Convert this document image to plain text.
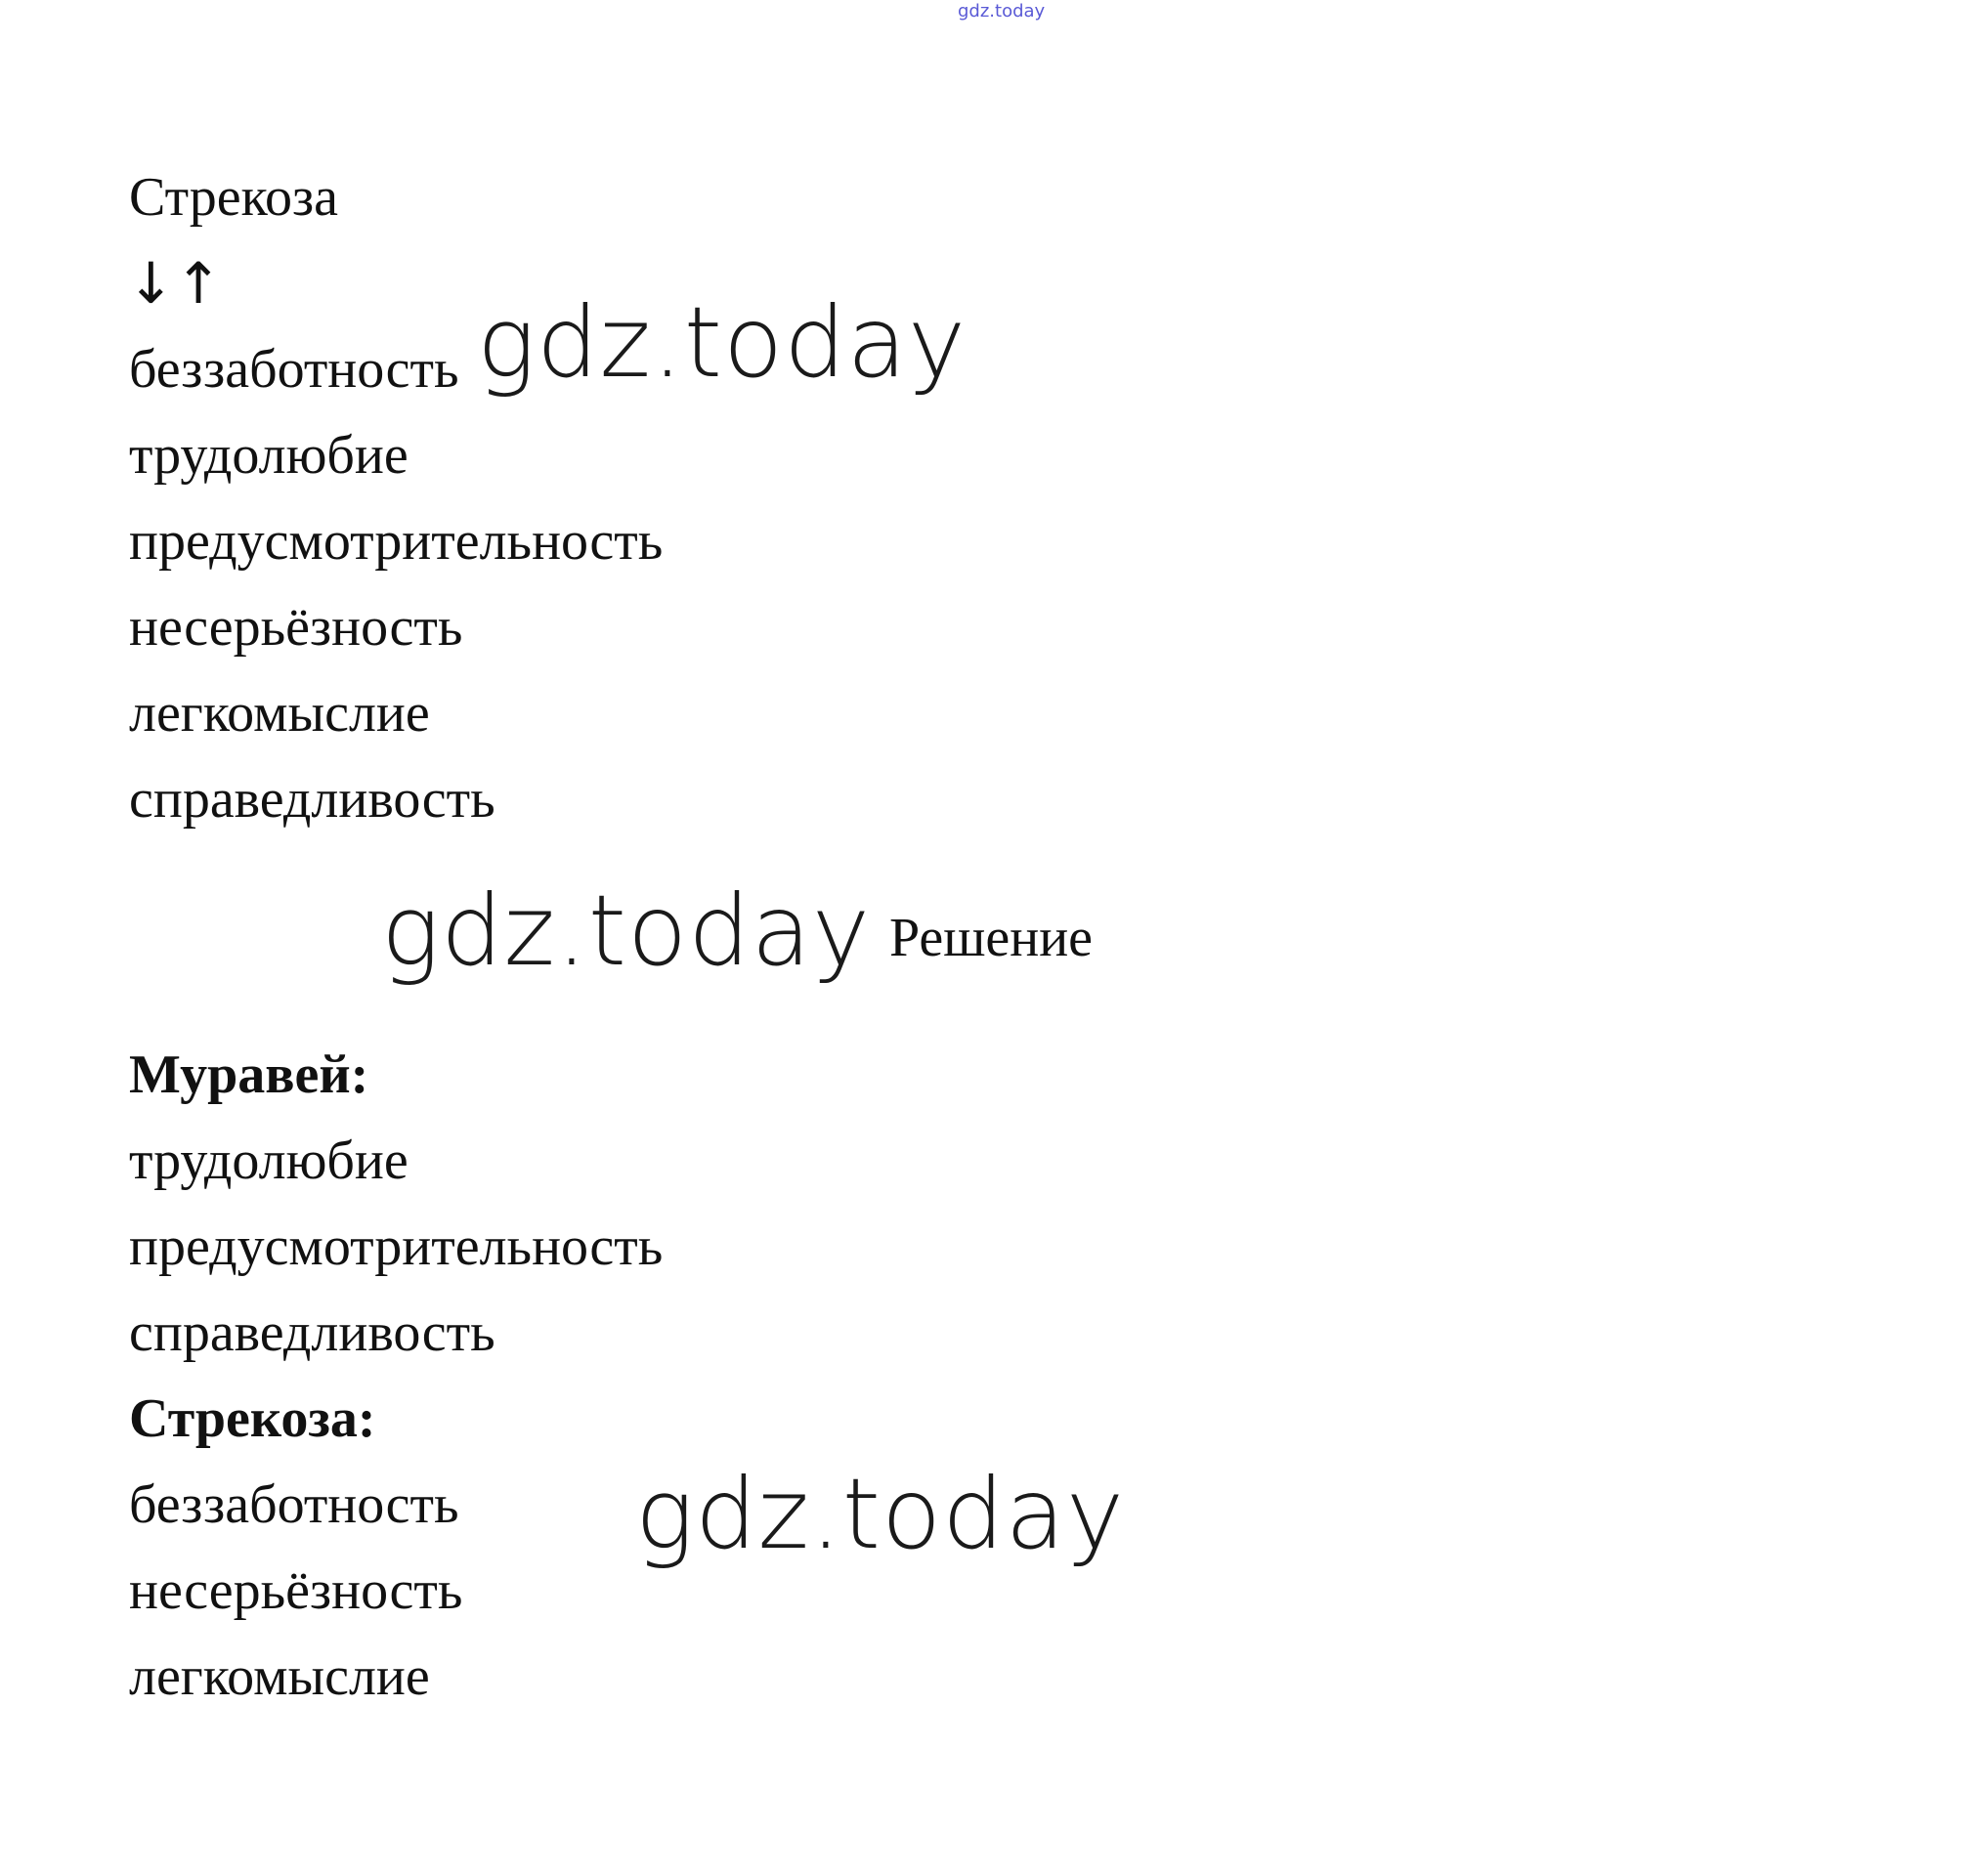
gdz.today
Стрекоза
↓↑
беззаботность
трудолюбие
предусмотрительность
несерьёзность
легкомыслие
справедливость
gdz.today
gdz.today Решение
Муравей:
трудолюбие
предусмотрительность
справедливость
Стрекоза:
беззаботность
несерьёзность
легкомыслие
gdz.today
